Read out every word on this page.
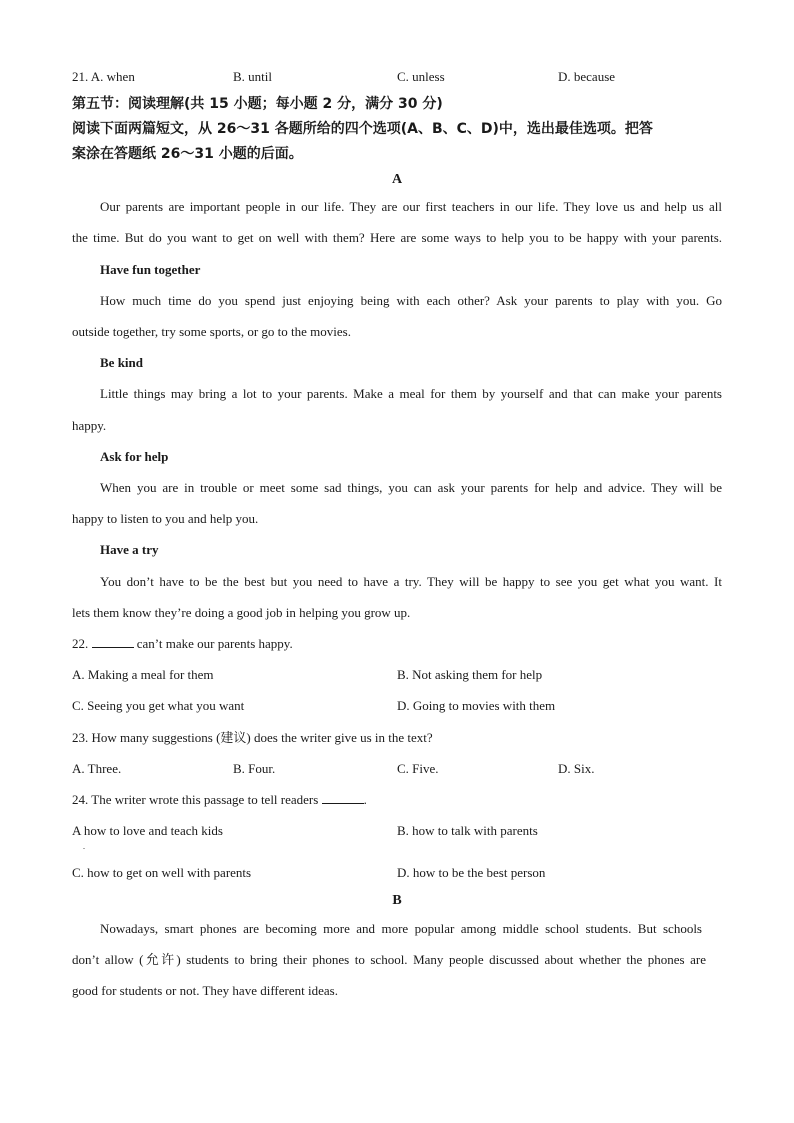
21. A. when	B. until	C. unless	D. because
第五节：阅读理解(共 15 小题；每小题 2 分，满分 30 分)
阅读下面两篇短文，从 26～31 各题所给的四个选项(A、B、C、D)中，选出最佳选项。把答
案涂在答题纸 26～31 小题的后面。
A
Our parents are important people in our life. They are our first teachers in our life. They love us and help us all
the time. But do you want to get on well with them? Here are some ways to help you to be happy with your parents.
Have fun together
How much time do you spend just enjoying being with each other? Ask your parents to play with you. Go
outside together, try some sports, or go to the movies.
Be kind
Little things may bring a lot to your parents. Make a meal for them by yourself and that can make your parents
happy.
Ask for help
When you are in trouble or meet some sad things, you can ask your parents for help and advice. They will be
happy to listen to you and help you.
Have a try
You don’t have to be the best but you need to have a try. They will be happy to see you get what you want. It
lets them know they’re doing a good job in helping you grow up.
22.	can’t make our parents happy.
A. Making a meal for them	B. Not asking them for help
C. Seeing you get what you want	D. Going to movies with them
23. How many suggestions (建议) does the writer give us in the text?
A. Three.	B. Four.	C. Five.	D. Six.
24. The writer wrote this passage to tell readers	.
A how to love and teach kids
.
B. how to talk with parents
C. how to get on well with parents	D. how to be the best person
B
Nowadays, smart phones are becoming more and more popular among middle school students. But schools
don’t allow (允许) students to bring their phones to school. Many people discussed about whether the phones are
good for students or not. They have different ideas.
